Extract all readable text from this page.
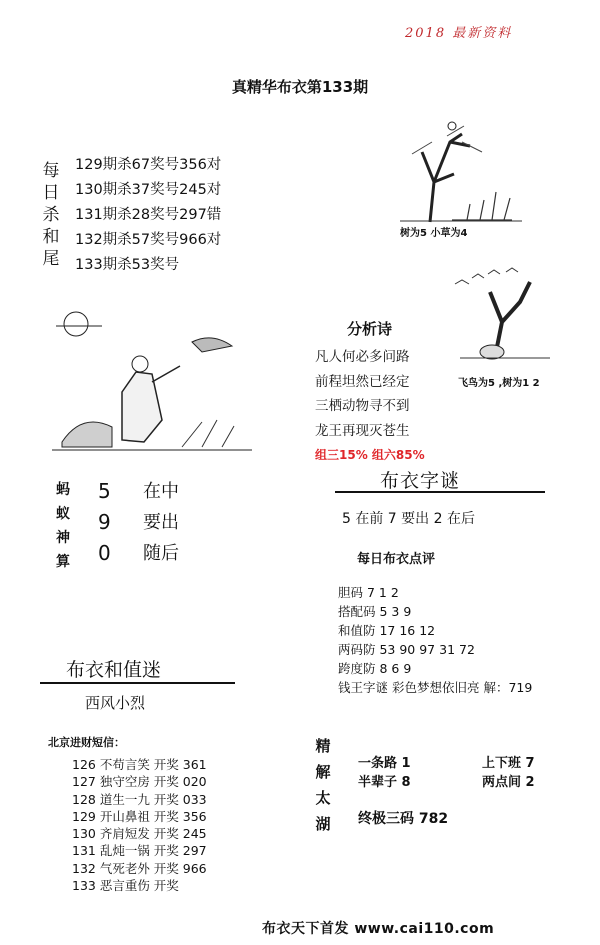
2018 最新资料
真精华布衣第133期
每
日
杀
和
尾
129期杀67奖号356对
130期杀37奖号245对
131期杀28奖号297错
132期杀57奖号966对
133期杀53奖号
树为5 小草为4
飞鸟为5 ,树为1 2
分析诗
凡人何必多问路
前程坦然已经定
三栖动物寻不到
龙王再现灭苍生
组三15% 组六85%
蚂
蚁
神
算
5
9
0
在中
要出
随后
布衣字谜
5 在前 7 要出 2 在后
每日布衣点评
胆码 7 1 2
搭配码 5 3 9
和值防 17 16 12
两码防 53 90 97 31 72
跨度防 8 6 9
钱王字谜 彩色梦想依旧亮 解：719
布衣和值迷
西风小烈
北京进财短信：
126 不苟言笑 开奖 361
127 独守空房 开奖 020
128 道生一九 开奖 033
129 开山鼻祖 开奖 356
130 齐肩短发 开奖 245
131 乱炖一锅 开奖 297
132 气死老外 开奖 966
133 恶言重伤 开奖
精
解
太
湖
一条路 1	上下班 7
半辈子 8	两点间 2
终极三码 782
布衣天下首发 www.cai110.com
